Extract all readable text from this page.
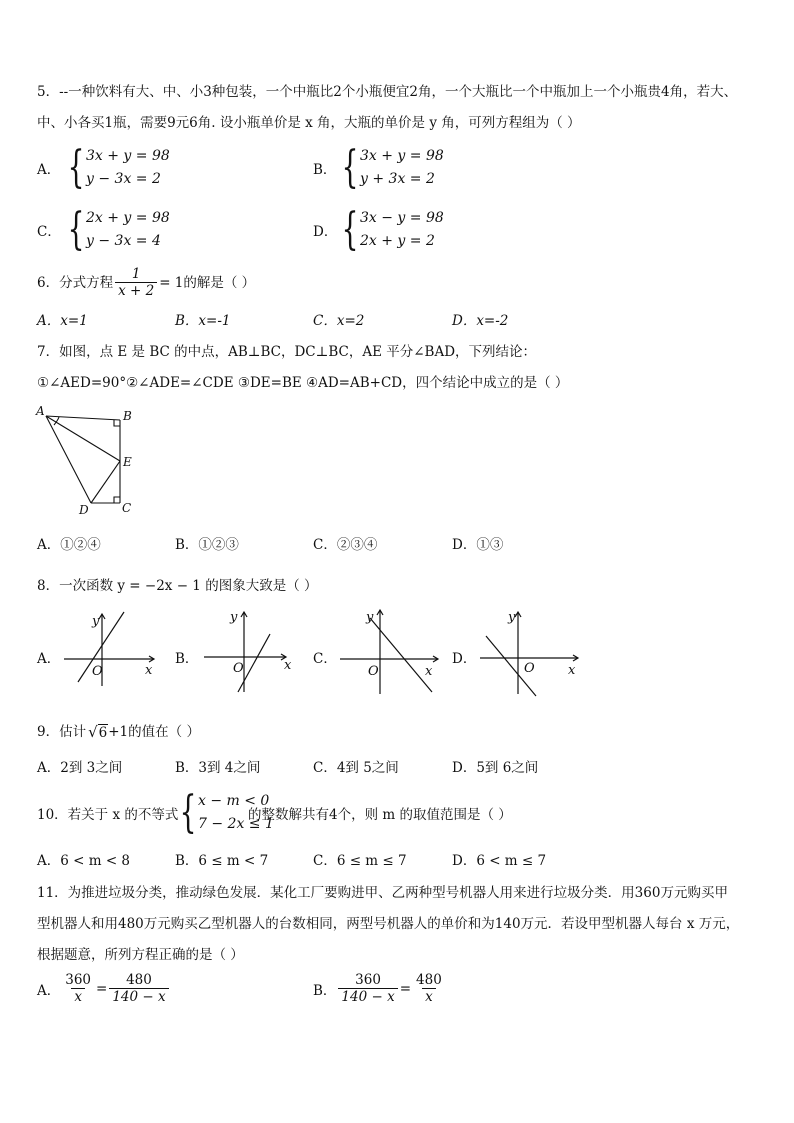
5．--一种饮料有大、中、小3种包装，一个中瓶比2个小瓶便宜2角，一个大瓶比一个中瓶加上一个小瓶贵4角，若大、
中、小各买1瓶，需要9元6角. 设小瓶单价是 x 角，大瓶的单价是 y 角，可列方程组为（ ）
A． { 3x + y = 98
y − 3x = 2
B． { 3x + y = 98
y + 3x = 2
C． { 2x + y = 98
y − 3x = 4
D． { 3x − y = 98
2x + y = 2
6．分式方程 $\frac{1}{x + 2} = 1$的解是（ ）
A．x=1	B．x=-1	C．x=2	D．x=-2
7．如图，点 E 是 BC 的中点，AB⊥BC，DC⊥BC，AE 平分∠BAD，下列结论：
①∠AED=90°②∠ADE=∠CDE ③DE=BE ④AD=AB+CD，四个结论中成立的是（ ）
A	B
E
D	C
A．①②④	B．①②③	C．②③④	D．①③
8．一次函数 y = −2x − 1 的图象大致是（ ）
A．
y
x
O
B．
y
x
O
C．
y
x
O
D．
y
x
O
9．估计 √ 6 +1的值在（ ）
A．2到 3之间	B．3到 4之间	C．4到 5之间	D．5到 6之间
10．若关于 x 的不等式 { x − m < 0
7 − 2x ≤ 1
的整数解共有4个，则 m 的取值范围是（ ）
A．6 < m < 8	B．6 ≤ m < 7	C．6 ≤ m ≤ 7	D．6 < m ≤ 7
11．为推进垃圾分类，推动绿色发展．某化工厂要购进甲、乙两种型号机器人用来进行垃圾分类．用360万元购买甲
型机器人和用480万元购买乙型机器人的台数相同，两型号机器人的单价和为140万元．若设甲型机器人每台 x 万元，
根据题意，所列方程正确的是（ ）
A． $\frac{360}{x} = \frac{480}{140 - x}$	B． $\frac{360}{140 - x} = \frac{480}{x}$
